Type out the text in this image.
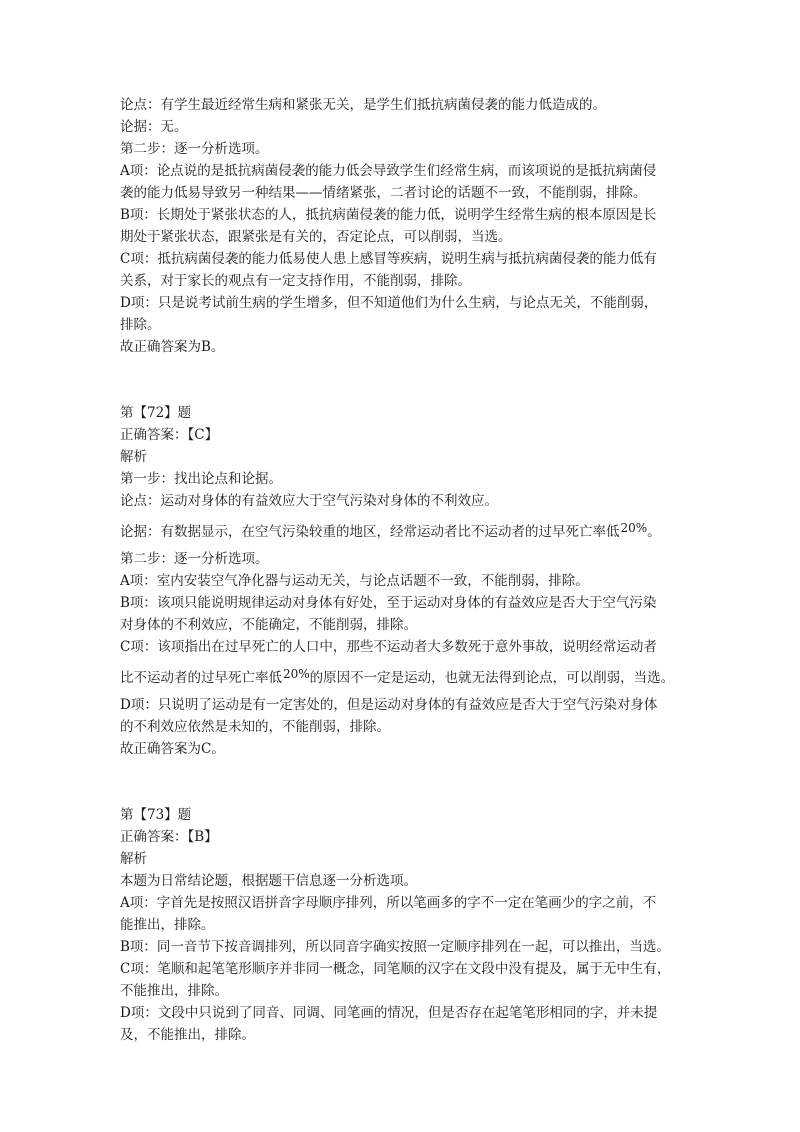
论点：有学生最近经常生病和紧张无关，是学生们抵抗病菌侵袭的能力低造成的。
论据：无。
第二步：逐一分析选项。
A项：论点说的是抵抗病菌侵袭的能力低会导致学生们经常生病，而该项说的是抵抗病菌侵
袭的能力低易导致另一种结果——情绪紧张，二者讨论的话题不一致，不能削弱，排除。
B项：长期处于紧张状态的人，抵抗病菌侵袭的能力低，说明学生经常生病的根本原因是长
期处于紧张状态，跟紧张是有关的，否定论点，可以削弱，当选。
C项：抵抗病菌侵袭的能力低易使人患上感冒等疾病，说明生病与抵抗病菌侵袭的能力低有
关系，对于家长的观点有一定支持作用，不能削弱，排除。
D项：只是说考试前生病的学生增多，但不知道他们为什么生病，与论点无关，不能削弱，
排除。
故正确答案为B。
第【72】题
正确答案：【C】
解析
第一步：找出论点和论据。
论点：运动对身体的有益效应大于空气污染对身体的不利效应。
论据：有数据显示，在空气污染较重的地区，经常运动者比不运动者的过早死亡率低20%。
第二步：逐一分析选项。
A项：室内安装空气净化器与运动无关，与论点话题不一致，不能削弱，排除。
B项：该项只能说明规律运动对身体有好处，至于运动对身体的有益效应是否大于空气污染
对身体的不利效应，不能确定，不能削弱，排除。
C项：该项指出在过早死亡的人口中，那些不运动者大多数死于意外事故，说明经常运动者
比不运动者的过早死亡率低20%的原因不一定是运动，也就无法得到论点，可以削弱，当选。
D项：只说明了运动是有一定害处的，但是运动对身体的有益效应是否大于空气污染对身体
的不利效应依然是未知的，不能削弱，排除。
故正确答案为C。
第【73】题
正确答案：【B】
解析
本题为日常结论题，根据题干信息逐一分析选项。
A项：字首先是按照汉语拼音字母顺序排列，所以笔画多的字不一定在笔画少的字之前，不
能推出，排除。
B项：同一音节下按音调排列，所以同音字确实按照一定顺序排列在一起，可以推出，当选。
C项：笔顺和起笔笔形顺序并非同一概念，同笔顺的汉字在文段中没有提及，属于无中生有，
不能推出，排除。
D项：文段中只说到了同音、同调、同笔画的情况，但是否存在起笔笔形相同的字，并未提
及，不能推出，排除。
